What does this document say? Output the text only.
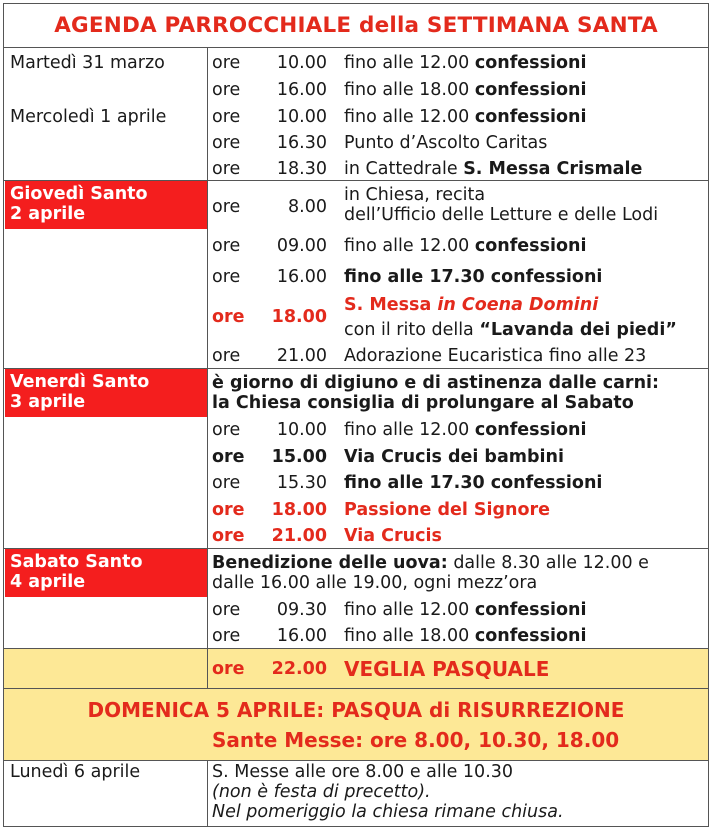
AGENDA PARROCCHIALE della SETTIMANA SANTA
Martedì 31 marzo	ore	10.00 fino alle 12.00 confessioni
ore	16.00 fino alle 18.00 confessioni
Mercoledì 1 aprile	ore	10.00 fino alle 12.00 confessioni
ore	16.30 Punto d’Ascolto Caritas
ore	18.30 in Cattedrale S. Messa Crismale
Giovedì Santo
2 aprile	ore	8.00
in Chiesa, recita
dell’Ufficio delle Letture e delle Lodi
ore	09.00 fino alle 12.00 confessioni
ore	16.00 fino alle 17.30 confessioni
ore 18.00
S. Messa in Coena Domini
con il rito della “Lavanda dei piedi”
ore	21.00 Adorazione Eucaristica fino alle 23
Venerdì Santo
3 aprile
è giorno di digiuno e di astinenza dalle carni:
la Chiesa consiglia di prolungare al Sabato
ore	10.00 fino alle 12.00 confessioni
ore 15.00 Via Crucis dei bambini
ore	15.30 fino alle 17.30 confessioni
ore 18.00 Passione del Signore
ore 21.00 Via Crucis
Sabato Santo
4 aprile
Benedizione delle uova: dalle 8.30 alle 12.00 e
dalle 16.00 alle 19.00, ogni mezz’ora
ore	09.30 fino alle 12.00 confessioni
ore	16.00 fino alle 18.00 confessioni
ore 22.00 VEGLIA PASQUALE
DOMENICA 5 APRILE: PASQUA di RISURREZIONE
Sante Messe: ore 8.00, 10.30, 18.00
Lunedì 6 aprile	S. Messe alle ore 8.00 e alle 10.30
(non è festa di precetto).
Nel pomeriggio la chiesa rimane chiusa.
